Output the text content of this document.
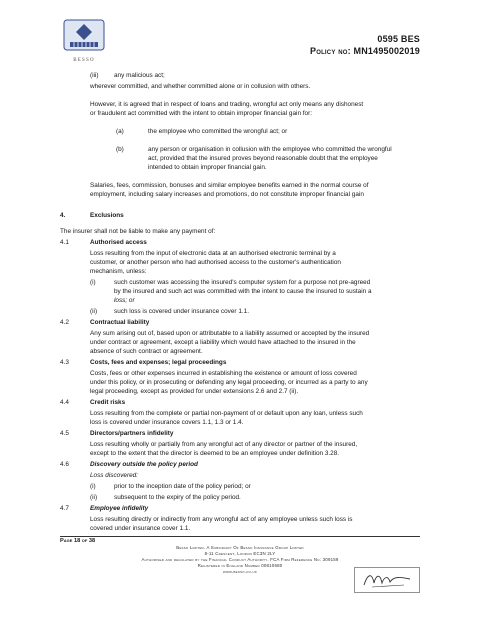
BESSO
0595 BES
Policy no: MN1495002019
(iii) any malicious act;
wherever committed, and whether committed alone or in collusion with others.
However, it is agreed that in respect of loans and trading, wrongful act only means any dishonest
or fraudulent act committed with the intent to obtain improper financial gain for:
(a)	the employee who committed the wrongful act; or
(b)	any person or organisation in collusion with the employee who committed the wrongful
act, provided that the insured proves beyond reasonable doubt that the employee
intended to obtain improper financial gain.
Salaries, fees, commission, bonuses and similar employee benefits earned in the normal course of
employment, including salary increases and promotions, do not constitute improper financial gain
4.	Exclusions
The insurer shall not be liable to make any payment of:
4.1	Authorised access
Loss resulting from the input of electronic data at an authorised electronic terminal by a
customer, or another person who had authorised access to the customer's authentication
mechanism, unless:
(i)	such customer was accessing the insured's computer system for a purpose not pre-agreed
by the insured and such act was committed with the intent to cause the insured to sustain a
loss; or
(ii)	such loss is covered under insurance cover 1.1.
4.2	Contractual liability
Any sum arising out of, based upon or attributable to a liability assumed or accepted by the insured
under contract or agreement, except a liability which would have attached to the insured in the
absence of such contract or agreement.
4.3	Costs, fees and expenses; legal proceedings
Costs, fees or other expenses incurred in establishing the existence or amount of loss covered
under this policy, or in prosecuting or defending any legal proceeding, or incurred as a party to any
legal proceeding, except as provided for under extensions 2.6 and 2.7 (ii).
4.4	Credit risks
Loss resulting from the complete or partial non-payment of or default upon any loan, unless such
loss is covered under insurance covers 1.1, 1.3 or 1.4.
4.5	Directors/partners infidelity
Loss resulting wholly or partially from any wrongful act of any director or partner of the insured,
except to the extent that the director is deemed to be an employee under definition 3.28.
4.6	Discovery outside the policy period
Loss discovered:
(i)	prior to the inception date of the policy period; or
(ii)	subsequent to the expiry of the policy period.
4.7	Employee infidelity
Loss resulting directly or indirectly from any wrongful act of any employee unless such loss is
covered under insurance cover 1.1.
Page 18 of 38
Besso Limited. A Subsidiary Of Besso Insurance Group Limited
8-11 Crescent, London EC3N 2LY
Authorised and regulated by the Financial Conduct Authority. FCA Firm Reference No: 309159
Registered in England Number 00810680
www.besso.co.uk
